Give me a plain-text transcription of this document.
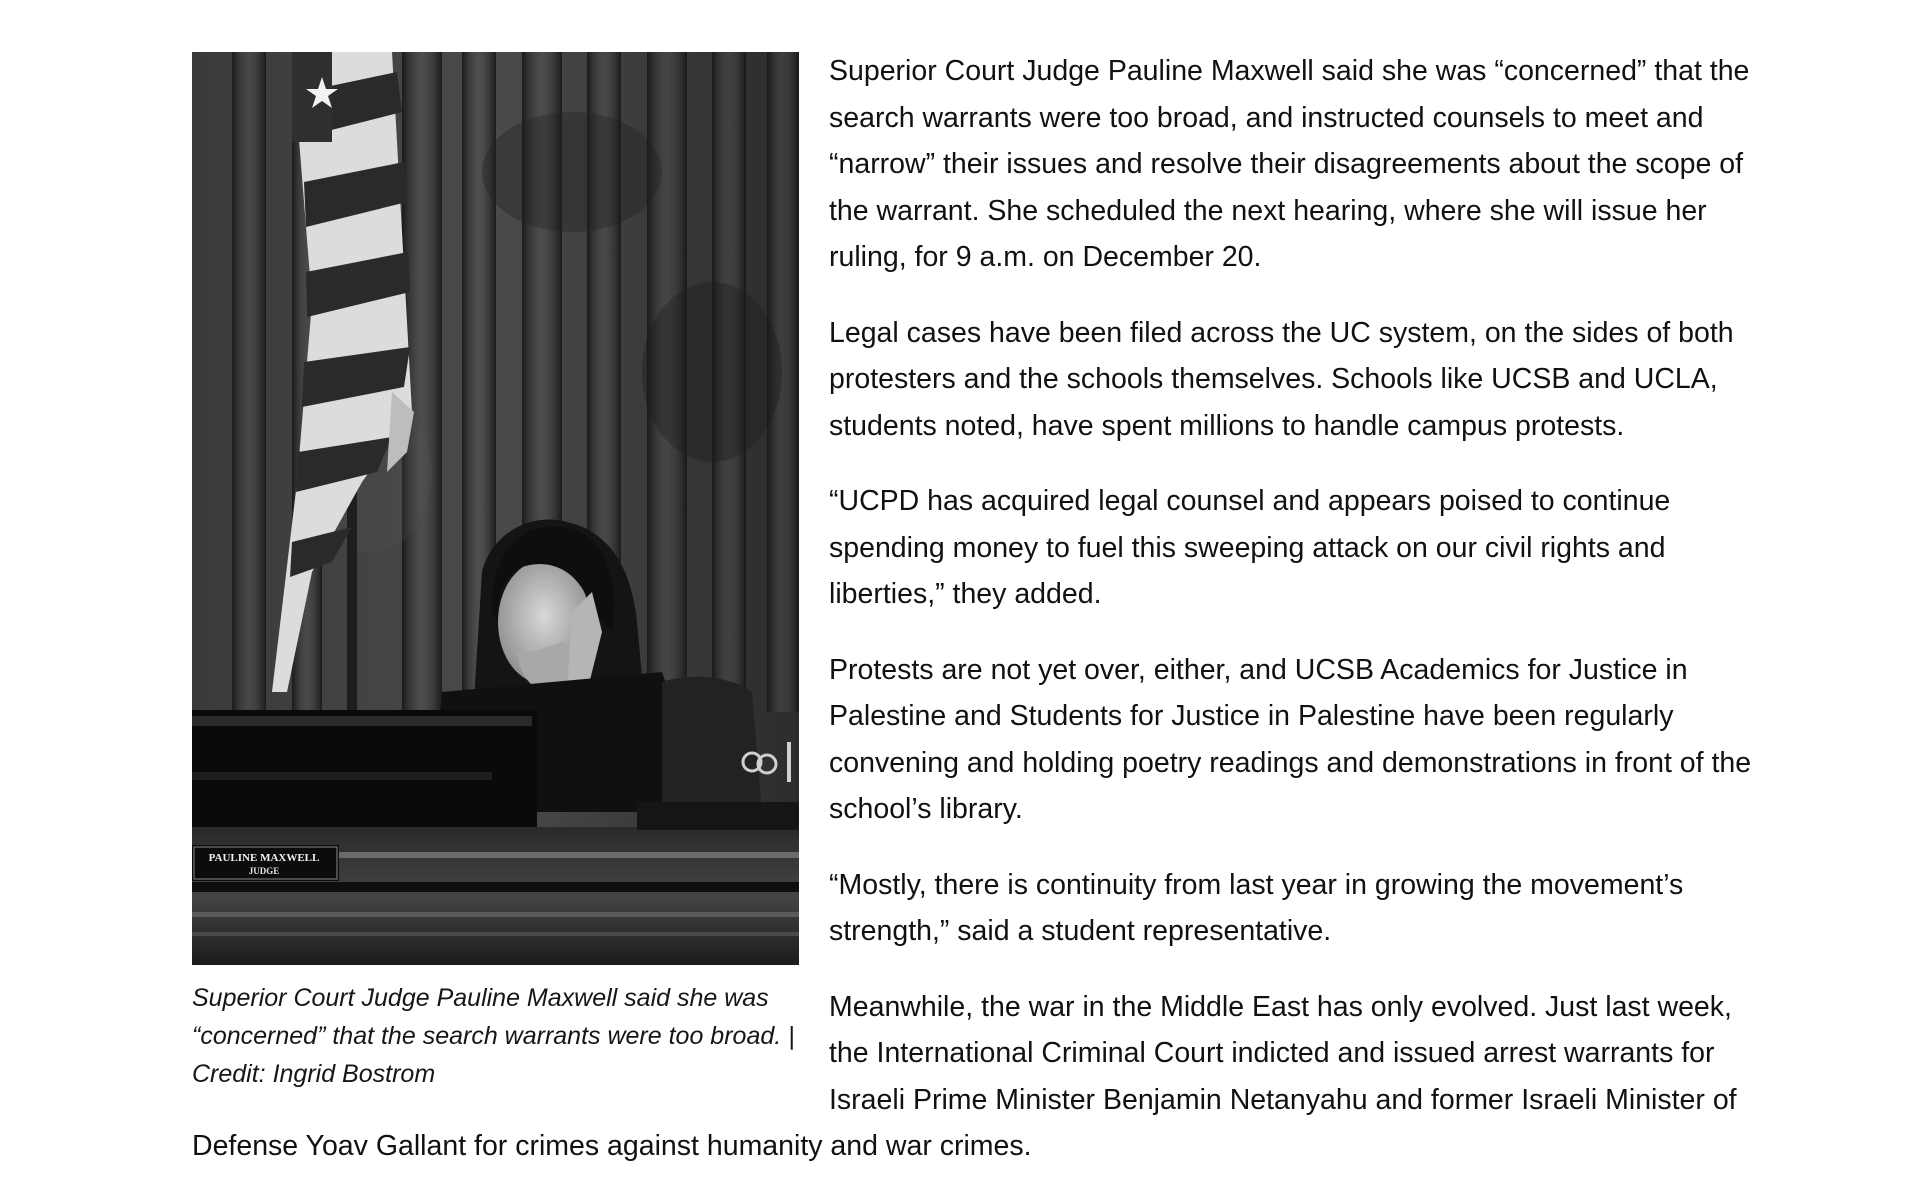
PAULINE MAXWELL
JUDGE
Superior Court Judge Pauline Maxwell said she was “concerned” that the search warrants were too broad. | Credit: Ingrid Bostrom

Superior Court Judge Pauline Maxwell said she was “concerned” that the search warrants were too broad, and instructed counsels to meet and “narrow” their issues and resolve their disagreements about the scope of the warrant. She scheduled the next hearing, where she will issue her ruling, for 9 a.m. on December 20.

Legal cases have been filed across the UC system, on the sides of both protesters and the schools themselves. Schools like UCSB and UCLA, students noted, have spent millions to handle campus protests.

“UCPD has acquired legal counsel and appears poised to continue spending money to fuel this sweeping attack on our civil rights and liberties,” they added.

Protests are not yet over, either, and UCSB Academics for Justice in Palestine and Students for Justice in Palestine have been regularly convening and holding poetry readings and demonstrations in front of the school’s library.

“Mostly, there is continuity from last year in growing the movement’s strength,” said a student representative.

Meanwhile, the war in the Middle East has only evolved. Just last week, the International Criminal Court indicted and issued arrest warrants for Israeli Prime Minister Benjamin Netanyahu and former Israeli Minister of Defense Yoav Gallant for crimes against humanity and war crimes.
